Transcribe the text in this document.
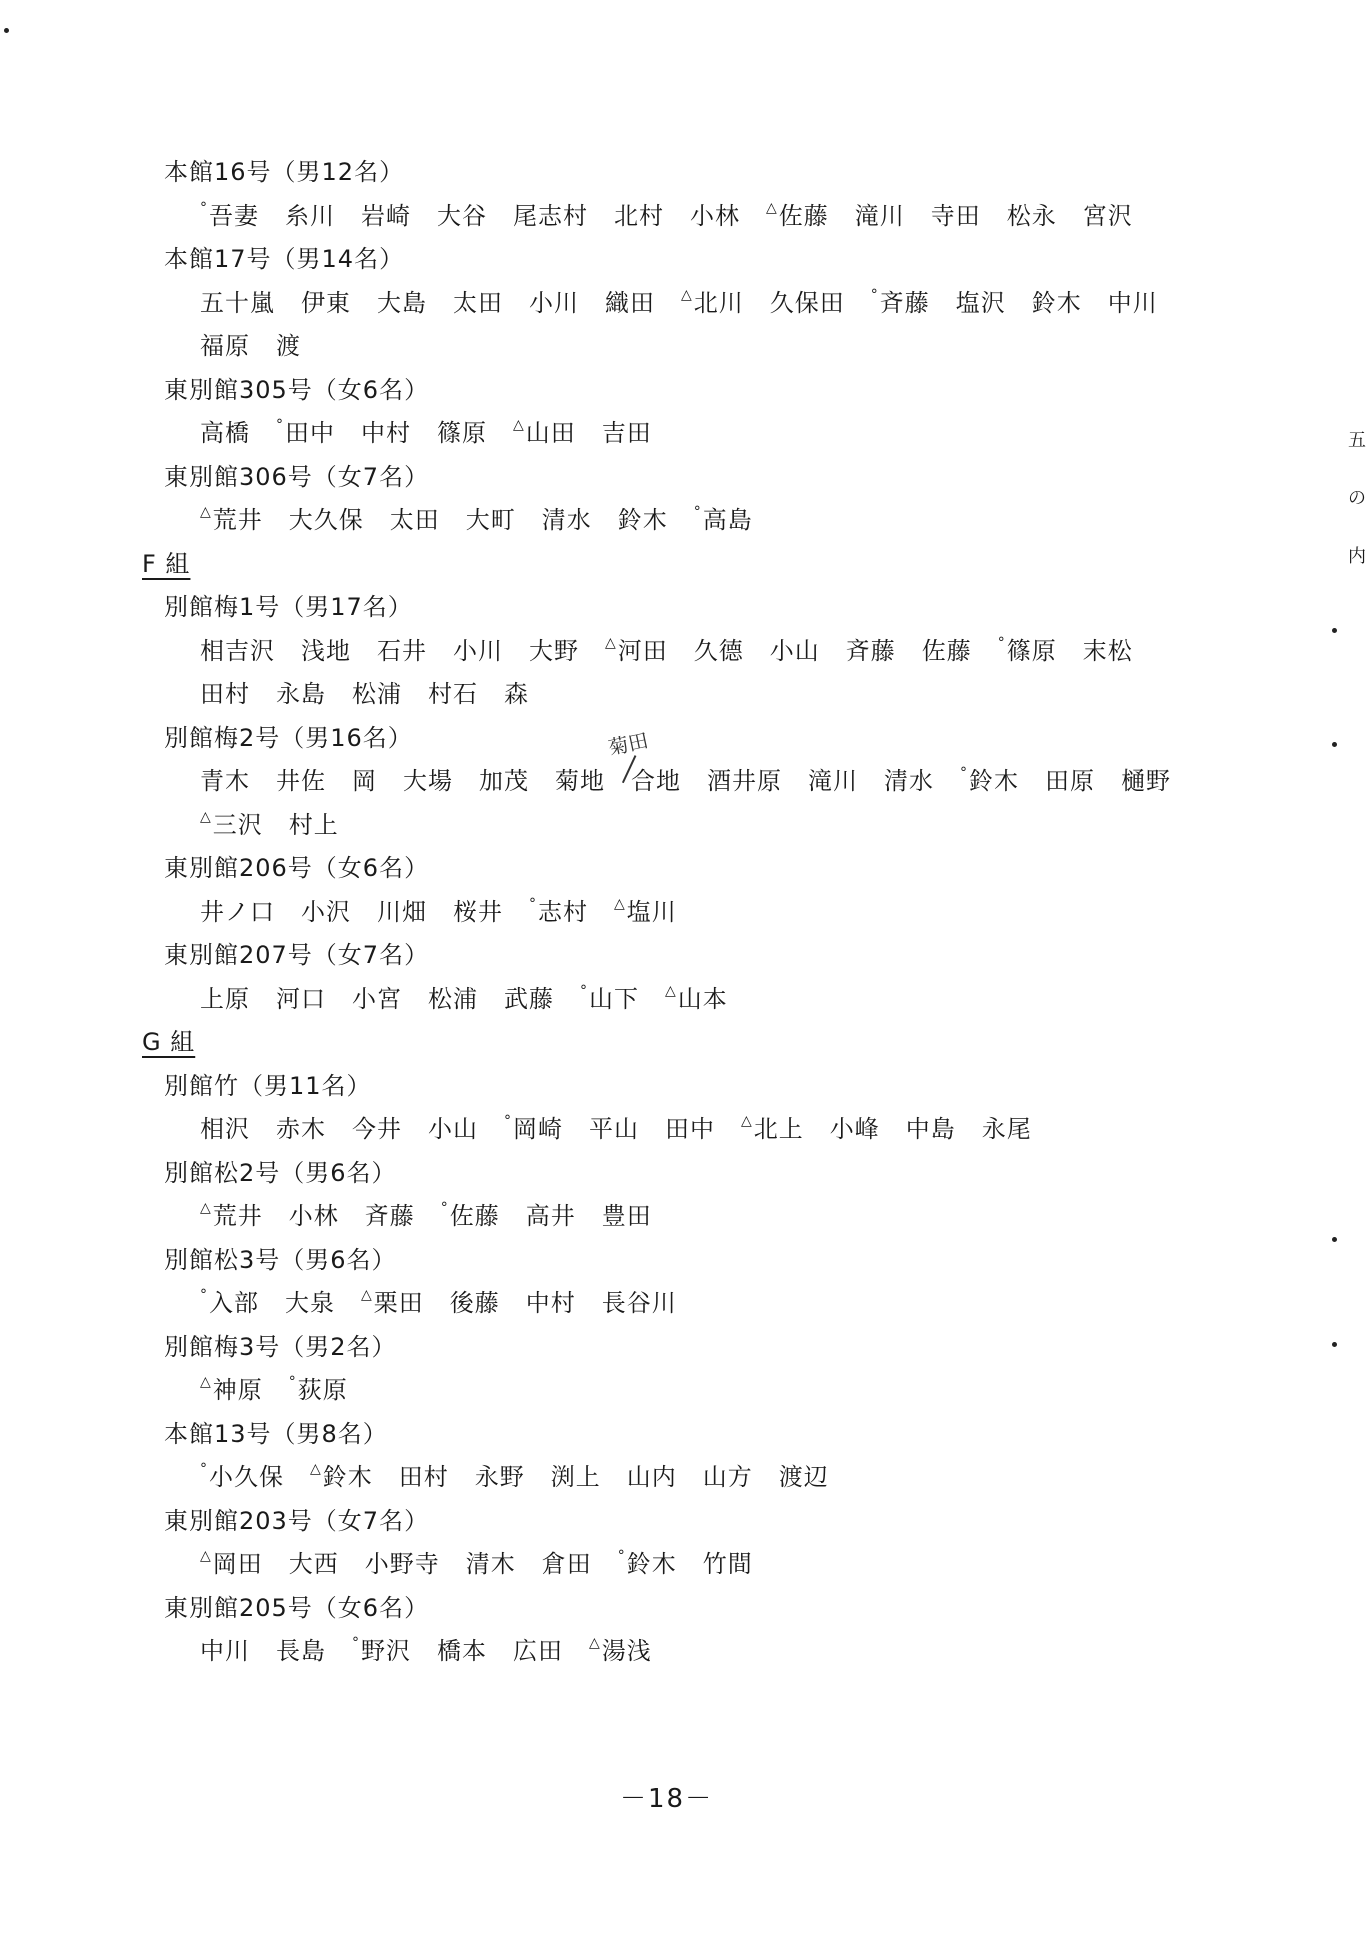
本館16号（男12名）
°吾妻 糸川 岩崎 大谷 尾志村 北村 小林 △佐藤 滝川 寺田 松永 宮沢
本館17号（男14名）
五十嵐 伊東 大島 太田 小川 織田 △北川 久保田 °斉藤 塩沢 鈴木 中川
福原 渡
東別館305号（女6名）
高橋 °田中 中村 篠原 △山田 吉田
東別館306号（女7名）
△荒井 大久保 太田 大町 清水 鈴木 °高島
F 組
別館梅1号（男17名）
相吉沢 浅地 石井 小川 大野 △河田 久德 小山 斉藤 佐藤 °篠原 末松
田村 永島 松浦 村石 森
別館梅2号（男16名）
青木 井佐 岡 大場 加茂 菊地 合地 酒井原 滝川 清水 °鈴木 田原 樋野
△三沢 村上
東別館206号（女6名）
井ノ口 小沢 川畑 桜井 °志村 △塩川
東別館207号（女7名）
上原 河口 小宮 松浦 武藤 °山下 △山本
G 組
別館竹（男11名）
相沢 赤木 今井 小山 °岡崎 平山 田中 △北上 小峰 中島 永尾
別館松2号（男6名）
△荒井 小林 斉藤 °佐藤 高井 豊田
別館松3号（男6名）
°入部 大泉 △栗田 後藤 中村 長谷川
別館梅3号（男2名）
△神原 °荻原
本館13号（男8名）
°小久保 △鈴木 田村 永野 渕上 山内 山方 渡辺
東別館203号（女7名）
△岡田 大西 小野寺 清木 倉田 °鈴木 竹間
東別館205号（女6名）
中川 長島 °野沢 橋本 広田 △湯浅
五
の
内
菊田
－18－
